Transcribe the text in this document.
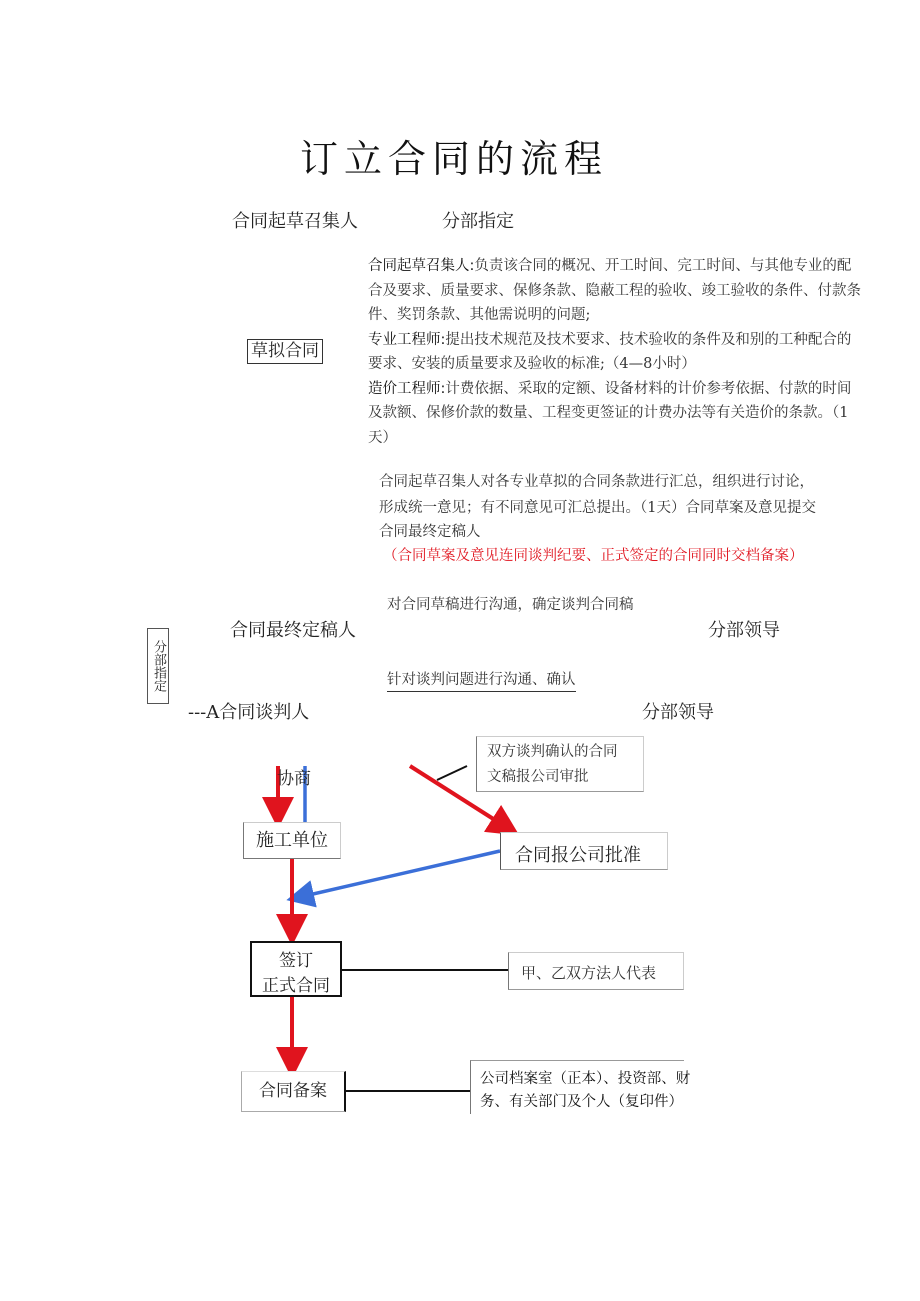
订立合同的流程
合同起草召集人	分部指定
草拟合同

合同起草召集人:负责该合同的概况、开工时间、完工时间、与其他专业的配合及要求、质量要求、保修条款、隐蔽工程的验收、竣工验收的条件、付款条件、奖罚条款、其他需说明的问题;

专业工程师:提出技术规范及技术要求、技术验收的条件及和别的工种配合的要求、安装的质量要求及验收的标准;（4—8小时）

造价工程师:计费依据、采取的定额、设备材料的计价参考依据、付款的时间及款额、保修价款的数量、工程变更签证的计费办法等有关造价的条款。（1天）

合同起草召集人对各专业草拟的合同条款进行汇总，组织进行讨论，
形成统一意见；有不同意见可汇总提出。（1天）合同草案及意见提交
合同最终定稿人
（合同草案及意见连同谈判纪要、正式签定的合同同时交档备案）
对合同草稿进行沟通，确定谈判合同稿
合同最终定稿人	分部领导
分部指定	针对谈判问题进行沟通、确认
---A合同谈判人	分部领导
协商
双方谈判确认的合同
文稿报公司审批
施工单位
合同报公司批准
签订
正式合同
甲、乙双方法人代表
合同备案
公司档案室（正本）、投资部、财务、有关部门及个人（复印件）
